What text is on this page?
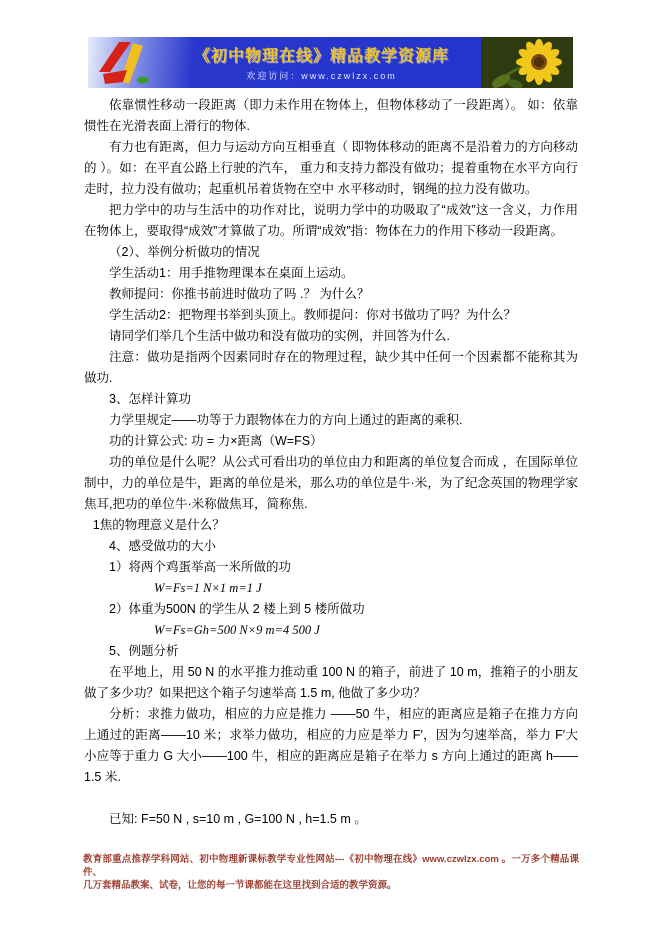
《初中物理在线》精品教学资源库
欢迎访问：www.czwlzx.com

依靠惯性移动一段距离（即力未作用在物体上，但物体移动了一段距离）。 如：依靠惯性在光滑表面上滑行的物体.

有力也有距离，但力与运动方向互相垂直（ 即物体移动的距离不是沿着力的方向移动的 ）。如：在平直公路上行驶的汽车， 重力和支持力都没有做功；提着重物在水平方向行走时，拉力没有做功；起重机吊着货物在空中 水平移动时，钢绳的拉力没有做功。

把力学中的功与生活中的功作对比，说明力学中的功吸取了“成效”这一含义，力作用在物体上，要取得“成效”才算做了功。所谓“成效”指：物体在力的作用下移动一段距离。

（2）、举例分析做功的情况

学生活动1：用手推物理课本在桌面上运动。

教师提问：你推书前进时做功了吗 .？ 为什么？

学生活动2：把物理书举到头顶上。教师提问：你对书做功了吗？为什么？

请同学们举几个生活中做功和没有做功的实例，并回答为什么.

注意：做功是指两个因素同时存在的物理过程，缺少其中任何一个因素都不能称其为做功.

3、怎样计算功

力学里规定——功等于力跟物体在力的方向上通过的距离的乘积.

功的计算公式: 功 = 力×距离（W=FS）

功的单位是什么呢？从公式可看出功的单位由力和距离的单位复合而成 ，在国际单位制中，力的单位是牛，距离的单位是米，那么功的单位是牛·米，为了纪念英国的物理学家焦耳,把功的单位牛·米称做焦耳，简称焦.

1焦的物理意义是什么？

4、感受做功的大小

1）将两个鸡蛋举高一米所做的功

W=Fs=1 N×1 m=1 J

2）体重为500N 的学生从 2 楼上到 5 楼所做功

W=Fs=Gh=500 N×9 m=4 500 J

5、例题分析

在平地上，用 50 N 的水平推力推动重 100 N 的箱子，前进了 10 m，推箱子的小朋友做了多少功？如果把这个箱子匀速举高 1.5 m, 他做了多少功？

分析：求推力做功，相应的力应是推力 ——50 牛，相应的距离应是箱子在推力方向上通过的距离——10 米；求举力做功，相应的力应是举力 F′，因为匀速举高，举力 F′大小应等于重力 G 大小——100 牛，相应的距离应是箱子在举力 s 方向上通过的距离 h——1.5 米.

已知: F=50 N , s=10 m , G=100 N , h=1.5 m 。

教育部重点推荐学科网站、初中物理新课标教学专业性网站---《初中物理在线》www.czwlzx.com 。一万多个精品课件、
几万套精品教案、试卷，让您的每一节课都能在这里找到合适的教学资源。
